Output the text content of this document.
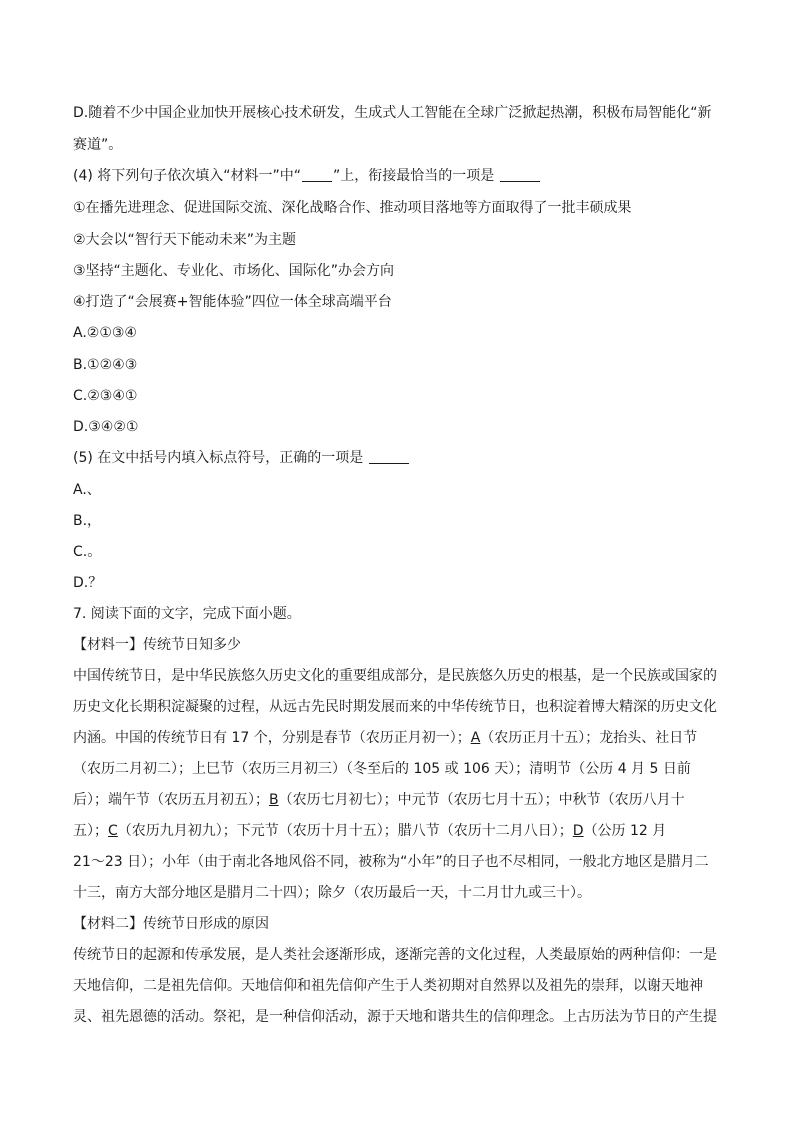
D.随着不少中国企业加快开展核心技术研发，生成式人工智能在全球广泛掀起热潮，积极布局智能化“新
赛道”。
(4) 将下列句子依次填入“材料一”中“ ”上，衔接最恰当的一项是
①在播先进理念、促进国际交流、深化战略合作、推动项目落地等方面取得了一批丰硕成果
②大会以“智行天下能动未来”为主题
③坚持“主题化、专业化、市场化、国际化”办会方向
④打造了“会展赛+智能体验”四位一体全球高端平台
A.②①③④
B.①②④③
C.②③④①
D.③④②①
(5) 在文中括号内填入标点符号，正确的一项是
A.、
B.，
C.。
D.？
7. 阅读下面的文字，完成下面小题。
【材料一】传统节日知多少
中国传统节日，是中华民族悠久历史文化的重要组成部分，是民族悠久历史的根基，是一个民族或国家的
历史文化长期积淀凝聚的过程，从远古先民时期发展而来的中华传统节日，也积淀着博大精深的历史文化
内涵。中国的传统节日有 17 个，分别是春节（农历正月初一）；A（农历正月十五）；龙抬头、社日节
（农历二月初二）；上巳节（农历三月初三）（冬至后的 105 或 106 天）；清明节（公历 4 月 5 日前
后）；端午节（农历五月初五）；B（农历七月初七）；中元节（农历七月十五）；中秋节（农历八月十
五）；C（农历九月初九）；下元节（农历十月十五）；腊八节（农历十二月八日）；D（公历 12 月
21～23 日）；小年（由于南北各地风俗不同，被称为“小年”的日子也不尽相同，一般北方地区是腊月二
十三，南方大部分地区是腊月二十四）；除夕（农历最后一天，十二月廿九或三十）。
【材料二】传统节日形成的原因
传统节日的起源和传承发展，是人类社会逐渐形成，逐渐完善的文化过程，人类最原始的两种信仰：一是
天地信仰，二是祖先信仰。天地信仰和祖先信仰产生于人类初期对自然界以及祖先的崇拜，以谢天地神
灵、祖先恩德的活动。祭祀，是一种信仰活动，源于天地和谐共生的信仰理念。上古历法为节日的产生提
